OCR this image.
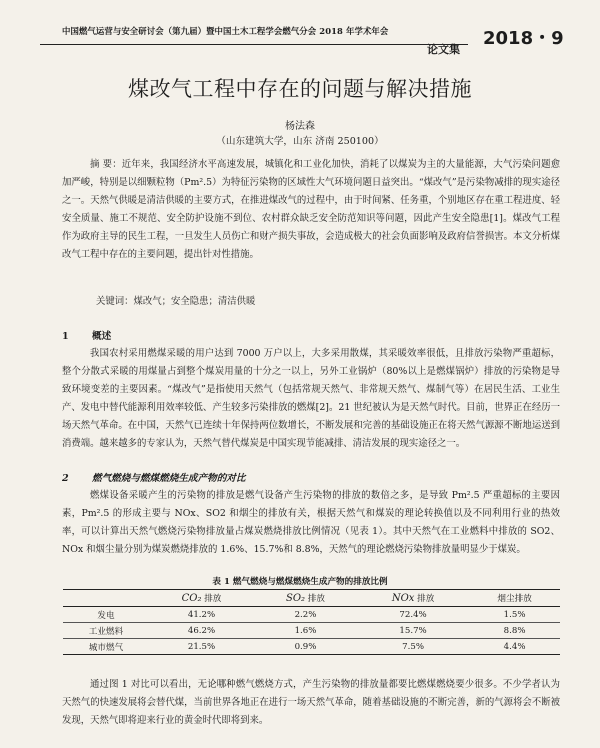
中国燃气运营与安全研讨会（第九届）暨中国土木工程学会燃气分会 2018 年学术年会	2018・9
论文集
煤改气工程中存在的问题与解决措施
杨法森
（山东建筑大学，山东 济南 250100）
摘 要：近年来，我国经济水平高速发展，城镇化和工业化加快，消耗了以煤炭为主的大量能源，大气污染问题愈加严峻，特别是以细颗粒物（Pm².5）为特征污染物的区域性大气环境问题日益突出。“煤改气”是污染物减排的现实途径之一。天然气供暖是清洁供暖的主要方式，在推进煤改气的过程中，由于时间紧、任务重，个别地区存在重工程进度、轻安全质量、施工不规范、安全防护设施不到位、农村群众缺乏安全防范知识等问题，因此产生安全隐患[1]。煤改气工程作为政府主导的民生工程，一旦发生人员伤亡和财产损失事故，会造成极大的社会负面影响及政府信誉损害。本文分析煤改气工程中存在的主要问题，提出针对性措施。
关键词：煤改气；安全隐患；清洁供暖
1 概述
我国农村采用燃煤采暖的用户达到 7000 万户以上，大多采用散煤，其采暖效率很低，且排放污染物严重超标，整个分散式采暖的用煤量占到整个煤炭用量的十分之一以上，另外工业锅炉（80%以上是燃煤锅炉）排放的污染物是导致环境变差的主要因素。“煤改气”是指使用天然气（包括常规天然气、非常规天然气、煤制气等）在居民生活、工业生产、发电中替代能源利用效率较低、产生较多污染排放的燃煤[2]。21 世纪被认为是天然气时代。目前，世界正在经历一场天然气革命。在中国，天然气已连续十年保持两位数增长，不断发展和完善的基础设施正在将天然气源源不断地运送到消费端。越来越多的专家认为，天然气替代煤炭是中国实现节能减排、清洁发展的现实途径之一。
2 燃气燃烧与燃煤燃烧生成产物的对比
燃煤设备采暖产生的污染物的排放是燃气设备产生污染物的排放的数倍之多，是导致 Pm².5 严重超标的主要因素，Pm².5 的形成主要与 NOx、SO2 和烟尘的排放有关，根据天然气和煤炭的理论转换值以及不同利用行业的热效率，可以计算出天然气燃烧污染物排放量占煤炭燃烧排放比例情况（见表 1）。其中天然气在工业燃料中排放的 SO2、NOx 和烟尘量分别为煤炭燃烧排放的 1.6%、15.7%和 8.8%，天然气的理论燃烧污染物排放量明显少于煤炭。
表 1 燃气燃烧与燃煤燃烧生成产物的排放比例
	CO₂ 排放	SO₂ 排放	NOx 排放	烟尘排放
发电	41.2%	2.2%	72.4%	1.5%
工业燃料	46.2%	1.6%	15.7%	8.8%
城市燃气	21.5%	0.9%	7.5%	4.4%
通过图 1 对比可以看出，无论哪种燃气燃烧方式，产生污染物的排放量都要比燃煤燃烧要少很多。不少学者认为天然气的快速发展将会替代煤，当前世界各地正在进行一场天然气革命，随着基础设施的不断完善，新的气源将会不断被发现，天然气即将迎来行业的黄金时代即将到来。
